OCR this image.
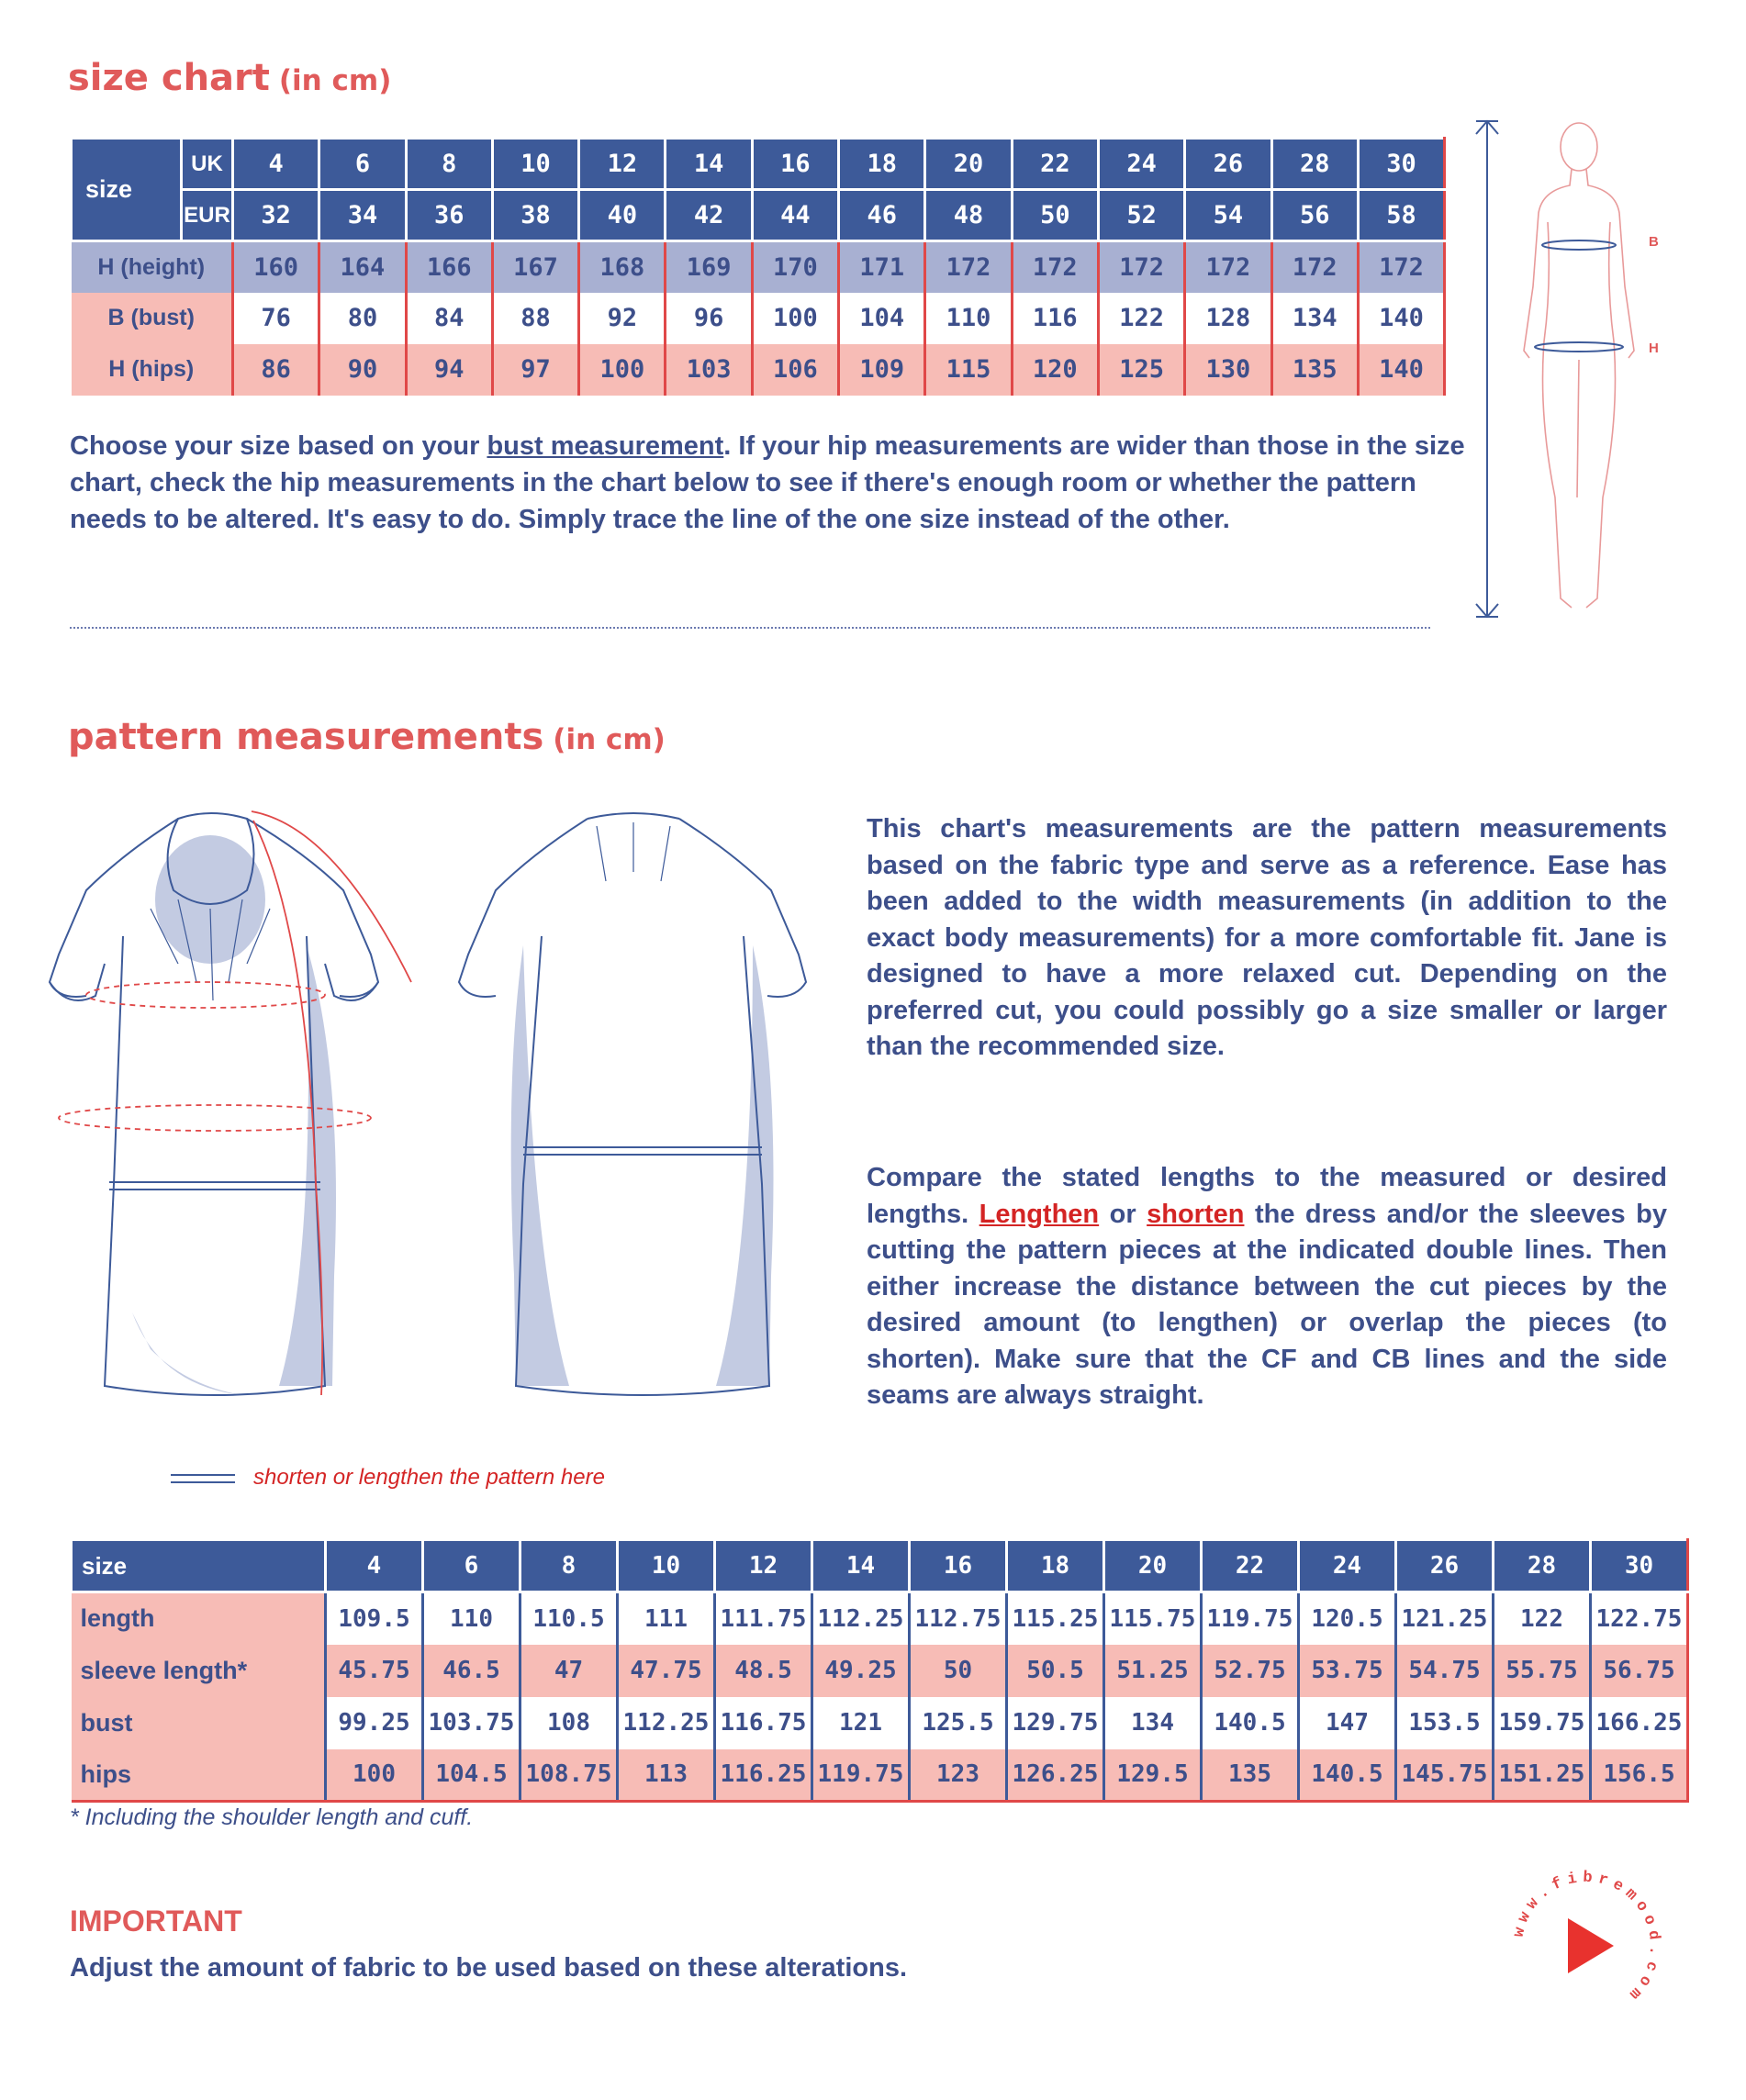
size chart (in cm)
size	UK	4	6	8	10	12	14	16	18	20	22	24	26	28	30
	EUR	32	34	36	38	40	42	44	46	48	50	52	54	56	58
H (height)		160	164	166	167	168	169	170	171	172	172	172	172	172	172
B (bust)		76	80	84	88	92	96	100	104	110	116	122	128	134	140
H (hips)		86	90	94	97	100	103	106	109	115	120	125	130	135	140
Choose your size based on your bust measurement. If your hip measurements are wider than those in the size chart, check the hip measurements in the chart below to see if there's enough room or whether the pattern needs to be altered. It's easy to do. Simply trace the line of the one size instead of the other.
B
H
pattern measurements (in cm)
This chart's measurements are the pattern measurements based on the fabric type and serve as a reference. Ease has been added to the width measurements (in addition to the exact body measurements) for a more comfortable fit. Jane is designed to have a more relaxed cut. Depending on the preferred cut, you could possibly go a size smaller or larger than the recommended size.
Compare the stated lengths to the measured or desired lengths. Lengthen or shorten the dress and/or the sleeves by cutting the pattern pieces at the indicated double lines. Then either increase the distance between the cut pieces by the desired amount (to lengthen) or overlap the pieces (to shorten). Make sure that the CF and CB lines and the side seams are always straight.
shorten or lengthen the pattern here
size	4	6	8	10	12	14	16	18	20	22	24	26	28	30
length	109.5	110	110.5	111	111.75	112.25	112.75	115.25	115.75	119.75	120.5	121.25	122	122.75
sleeve length*	45.75	46.5	47	47.75	48.5	49.25	50	50.5	51.25	52.75	53.75	54.75	55.75	56.75
bust	99.25	103.75	108	112.25	116.75	121	125.5	129.75	134	140.5	147	153.5	159.75	166.25
hips	100	104.5	108.75	113	116.25	119.75	123	126.25	129.5	135	140.5	145.75	151.25	156.5
* Including the shoulder length and cuff.
IMPORTANT
Adjust the amount of fabric to be used based on these alterations.
www.fibremood.com
